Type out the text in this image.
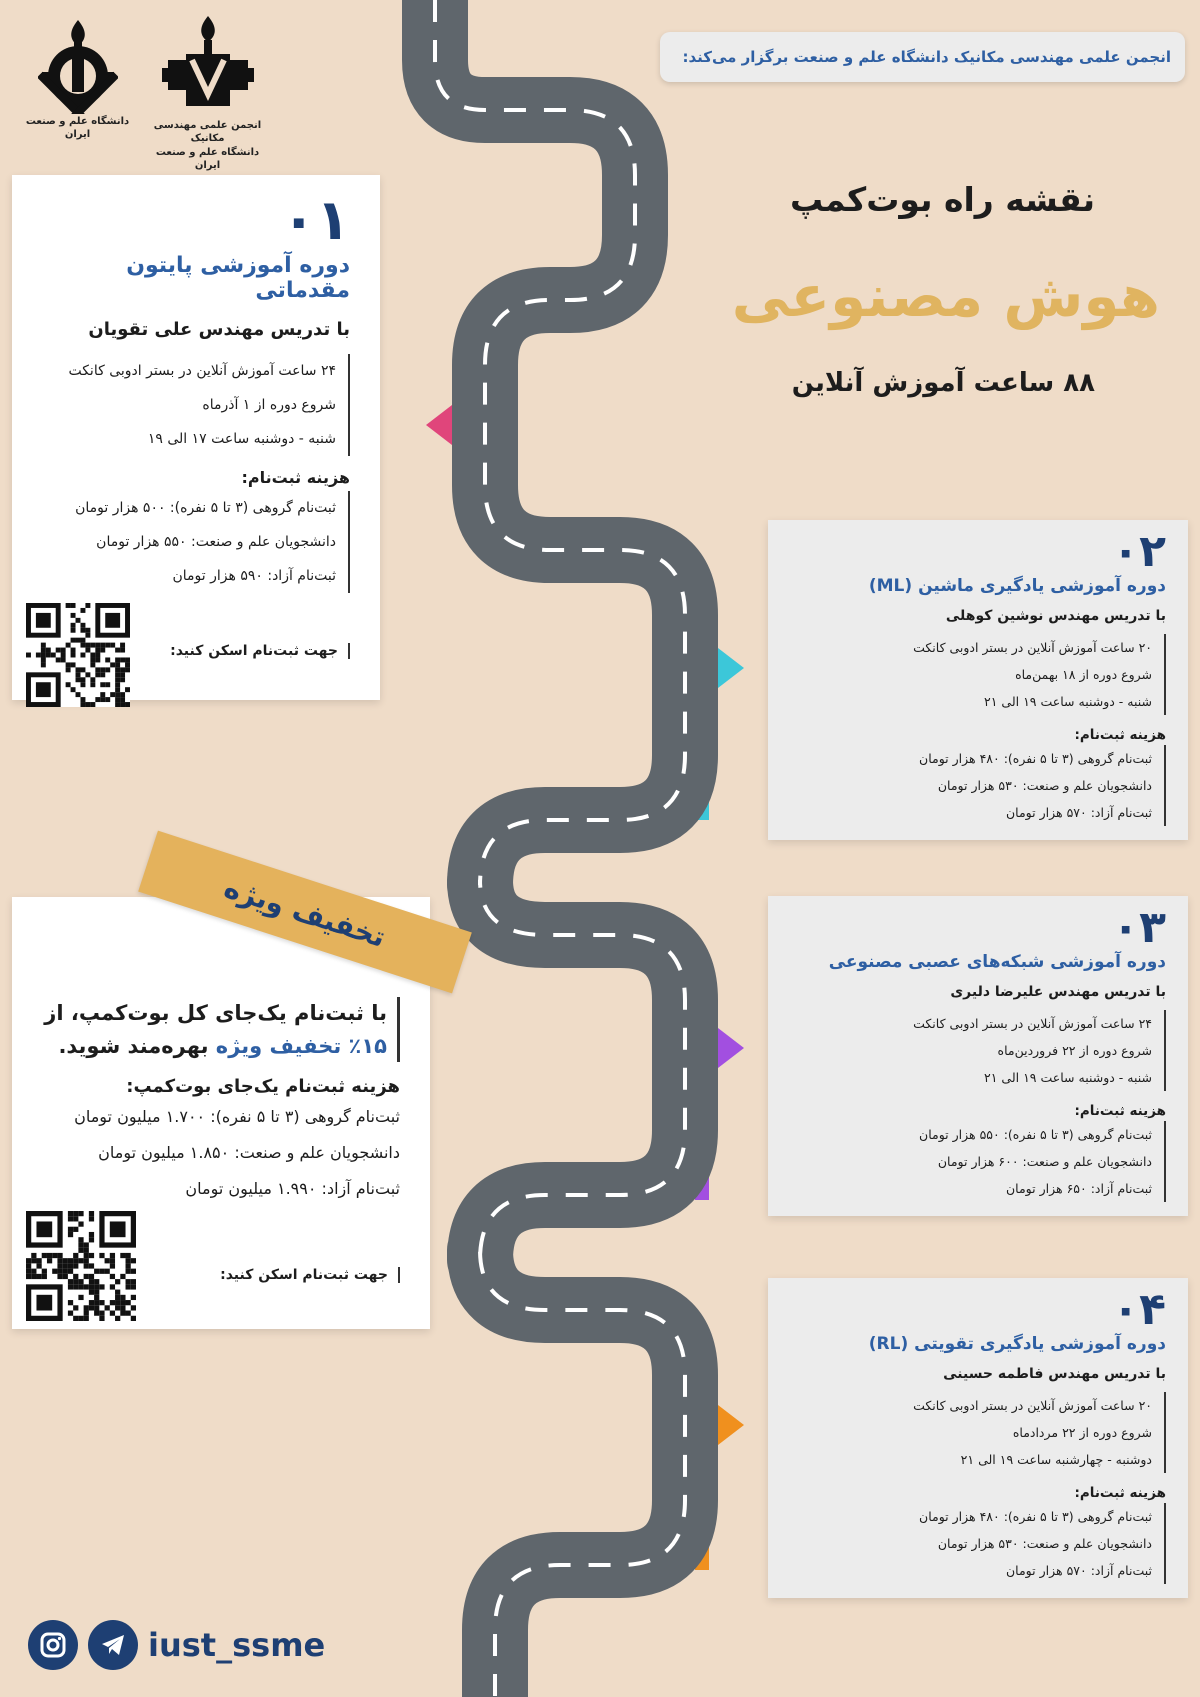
انجمن علمی مهندسی مکانیک دانشگاه علم و صنعت برگزار می‌کند:
دانشگاه علم و صنعت ایران
انجمن علمی مهندسی مکانیک
دانشگاه علم و صنعت ایران
نقشه راه بوت‌کمپ
هوش مصنوعی
۸۸ ساعت آموزش آنلاین
۰۱
دوره آموزشی پایتون مقدماتی
با تدریس مهندس علی تقویان
۲۴ ساعت آموزش آنلاین در بستر ادوبی کانکت
شروع دوره از ۱ آذرماه
شنبه - دوشنبه ساعت ۱۷ الی ۱۹
هزینه ثبت‌نام:
ثبت‌نام گروهی (۳ تا ۵ نفره): ۵۰۰ هزار تومان
دانشجویان علم و صنعت: ۵۵۰ هزار تومان
ثبت‌نام آزاد: ۵۹۰ هزار تومان
جهت ثبت‌نام اسکن کنید:
۰۲
دوره آموزشی یادگیری ماشین (ML)
با تدریس مهندس نوشین کوهلی
۲۰ ساعت آموزش آنلاین در بستر ادوبی کانکت
شروع دوره از ۱۸ بهمن‌ماه
شنبه - دوشنبه ساعت ۱۹ الی ۲۱
هزینه ثبت‌نام:
ثبت‌نام گروهی (۳ تا ۵ نفره): ۴۸۰ هزار تومان
دانشجویان علم و صنعت: ۵۳۰ هزار تومان
ثبت‌نام آزاد: ۵۷۰ هزار تومان
۰۳
دوره آموزشی شبکه‌های عصبی مصنوعی
با تدریس مهندس علیرضا دلیری
۲۴ ساعت آموزش آنلاین در بستر ادوبی کانکت
شروع دوره از ۲۲ فروردین‌ماه
شنبه - دوشنبه ساعت ۱۹ الی ۲۱
هزینه ثبت‌نام:
ثبت‌نام گروهی (۳ تا ۵ نفره): ۵۵۰ هزار تومان
دانشجویان علم و صنعت: ۶۰۰ هزار تومان
ثبت‌نام آزاد: ۶۵۰ هزار تومان
۰۴
دوره آموزشی یادگیری تقویتی (RL)
با تدریس مهندس فاطمه حسینی
۲۰ ساعت آموزش آنلاین در بستر ادوبی کانکت
شروع دوره از ۲۲ مردادماه
دوشنبه - چهارشنبه ساعت ۱۹ الی ۲۱
هزینه ثبت‌نام:
ثبت‌نام گروهی (۳ تا ۵ نفره): ۴۸۰ هزار تومان
دانشجویان علم و صنعت: ۵۳۰ هزار تومان
ثبت‌نام آزاد: ۵۷۰ هزار تومان
با ثبت‌نام یک‌جای کل بوت‌کمپ، از ۱۵٪ تخفیف ویژه بهره‌مند شوید.
هزینه ثبت‌نام یک‌جای بوت‌کمپ:
ثبت‌نام گروهی (۳ تا ۵ نفره): ۱.۷۰۰ میلیون تومان
دانشجویان علم و صنعت: ۱.۸۵۰ میلیون تومان
ثبت‌نام آزاد: ۱.۹۹۰ میلیون تومان
جهت ثبت‌نام اسکن کنید:
تخفیف ویژه
iust_ssme
